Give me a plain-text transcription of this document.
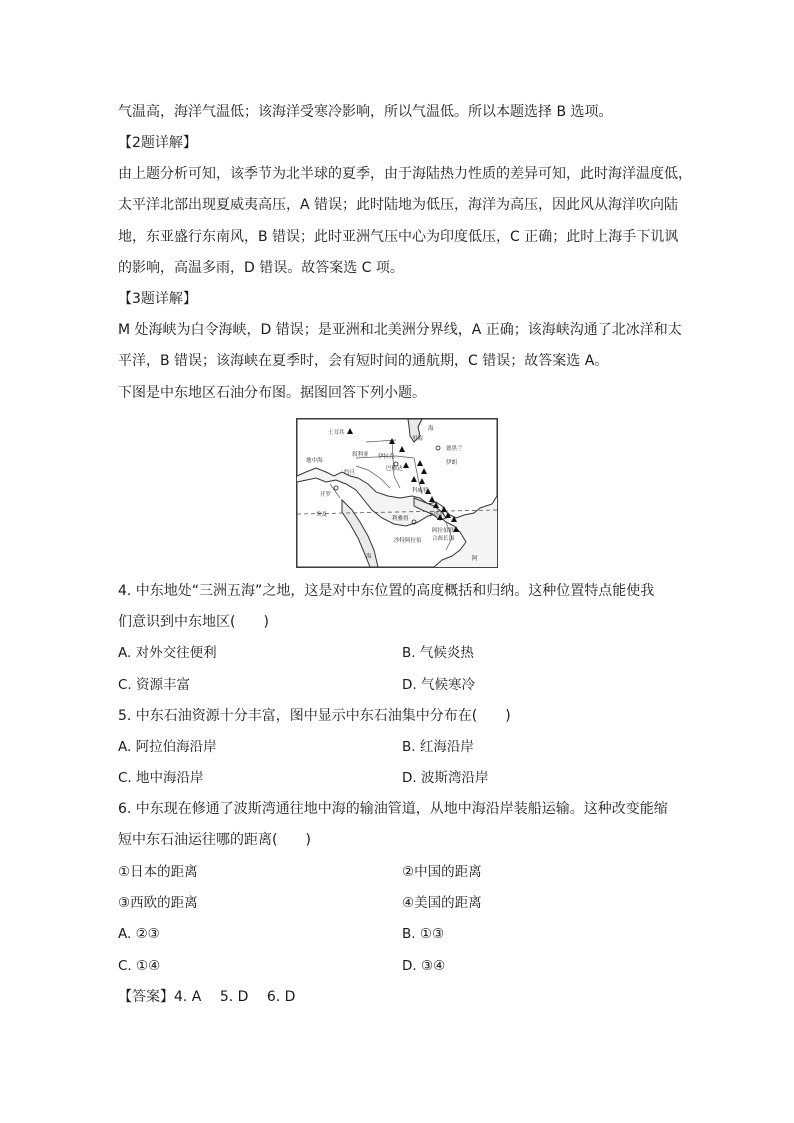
气温高，海洋气温低；该海洋受寒冷影响，所以气温低。所以本题选择 B 选项。
【2题详解】
由上题分析可知，该季节为北半球的夏季，由于海陆热力性质的差异可知，此时海洋温度低，
太平洋北部出现夏威夷高压，A 错误；此时陆地为低压，海洋为高压，因此风从海洋吹向陆
地，东亚盛行东南风，B 错误；此时亚洲气压中心为印度低压，C 正确；此时上海手下讥讽
的影响，高温多雨，D 错误。故答案选 C 项。
【3题详解】
M 处海峡为白令海峡，D 错误；是亚洲和北美洲分界线，A 正确；该海峡沟通了北冰洋和太
平洋，B 错误；该海峡在夏季时，会有短时间的通航期，C 错误；故答案选 A。
下图是中东地区石油分布图。据图回答下列小题。
土耳其
海
里海
叙利亚 伊拉克
巴格达
伊朗
德黑兰
地中海
约旦
科威特
开罗
利雅得
埃及	卡塔尔
沙特阿拉伯
阿拉伯联
合酋长国
海	阿
4. 中东地处“三洲五海”之地，这是对中东位置的高度概括和归纳。这种位置特点能使我
们意识到中东地区(　　)
A. 对外交往便利	B. 气候炎热
C. 资源丰富	D. 气候寒冷
5. 中东石油资源十分丰富，图中显示中东石油集中分布在(　　)
A. 阿拉伯海沿岸	B. 红海沿岸
C. 地中海沿岸	D. 波斯湾沿岸
6. 中东现在修通了波斯湾通往地中海的输油管道，从地中海沿岸装船运输。这种改变能缩
短中东石油运往哪的距离(　　)
①日本的距离	②中国的距离
③西欧的距离	④美国的距离
A. ②③	B. ①③
C. ①④	D. ③④
【答案】4. A　 5. D　 6. D
